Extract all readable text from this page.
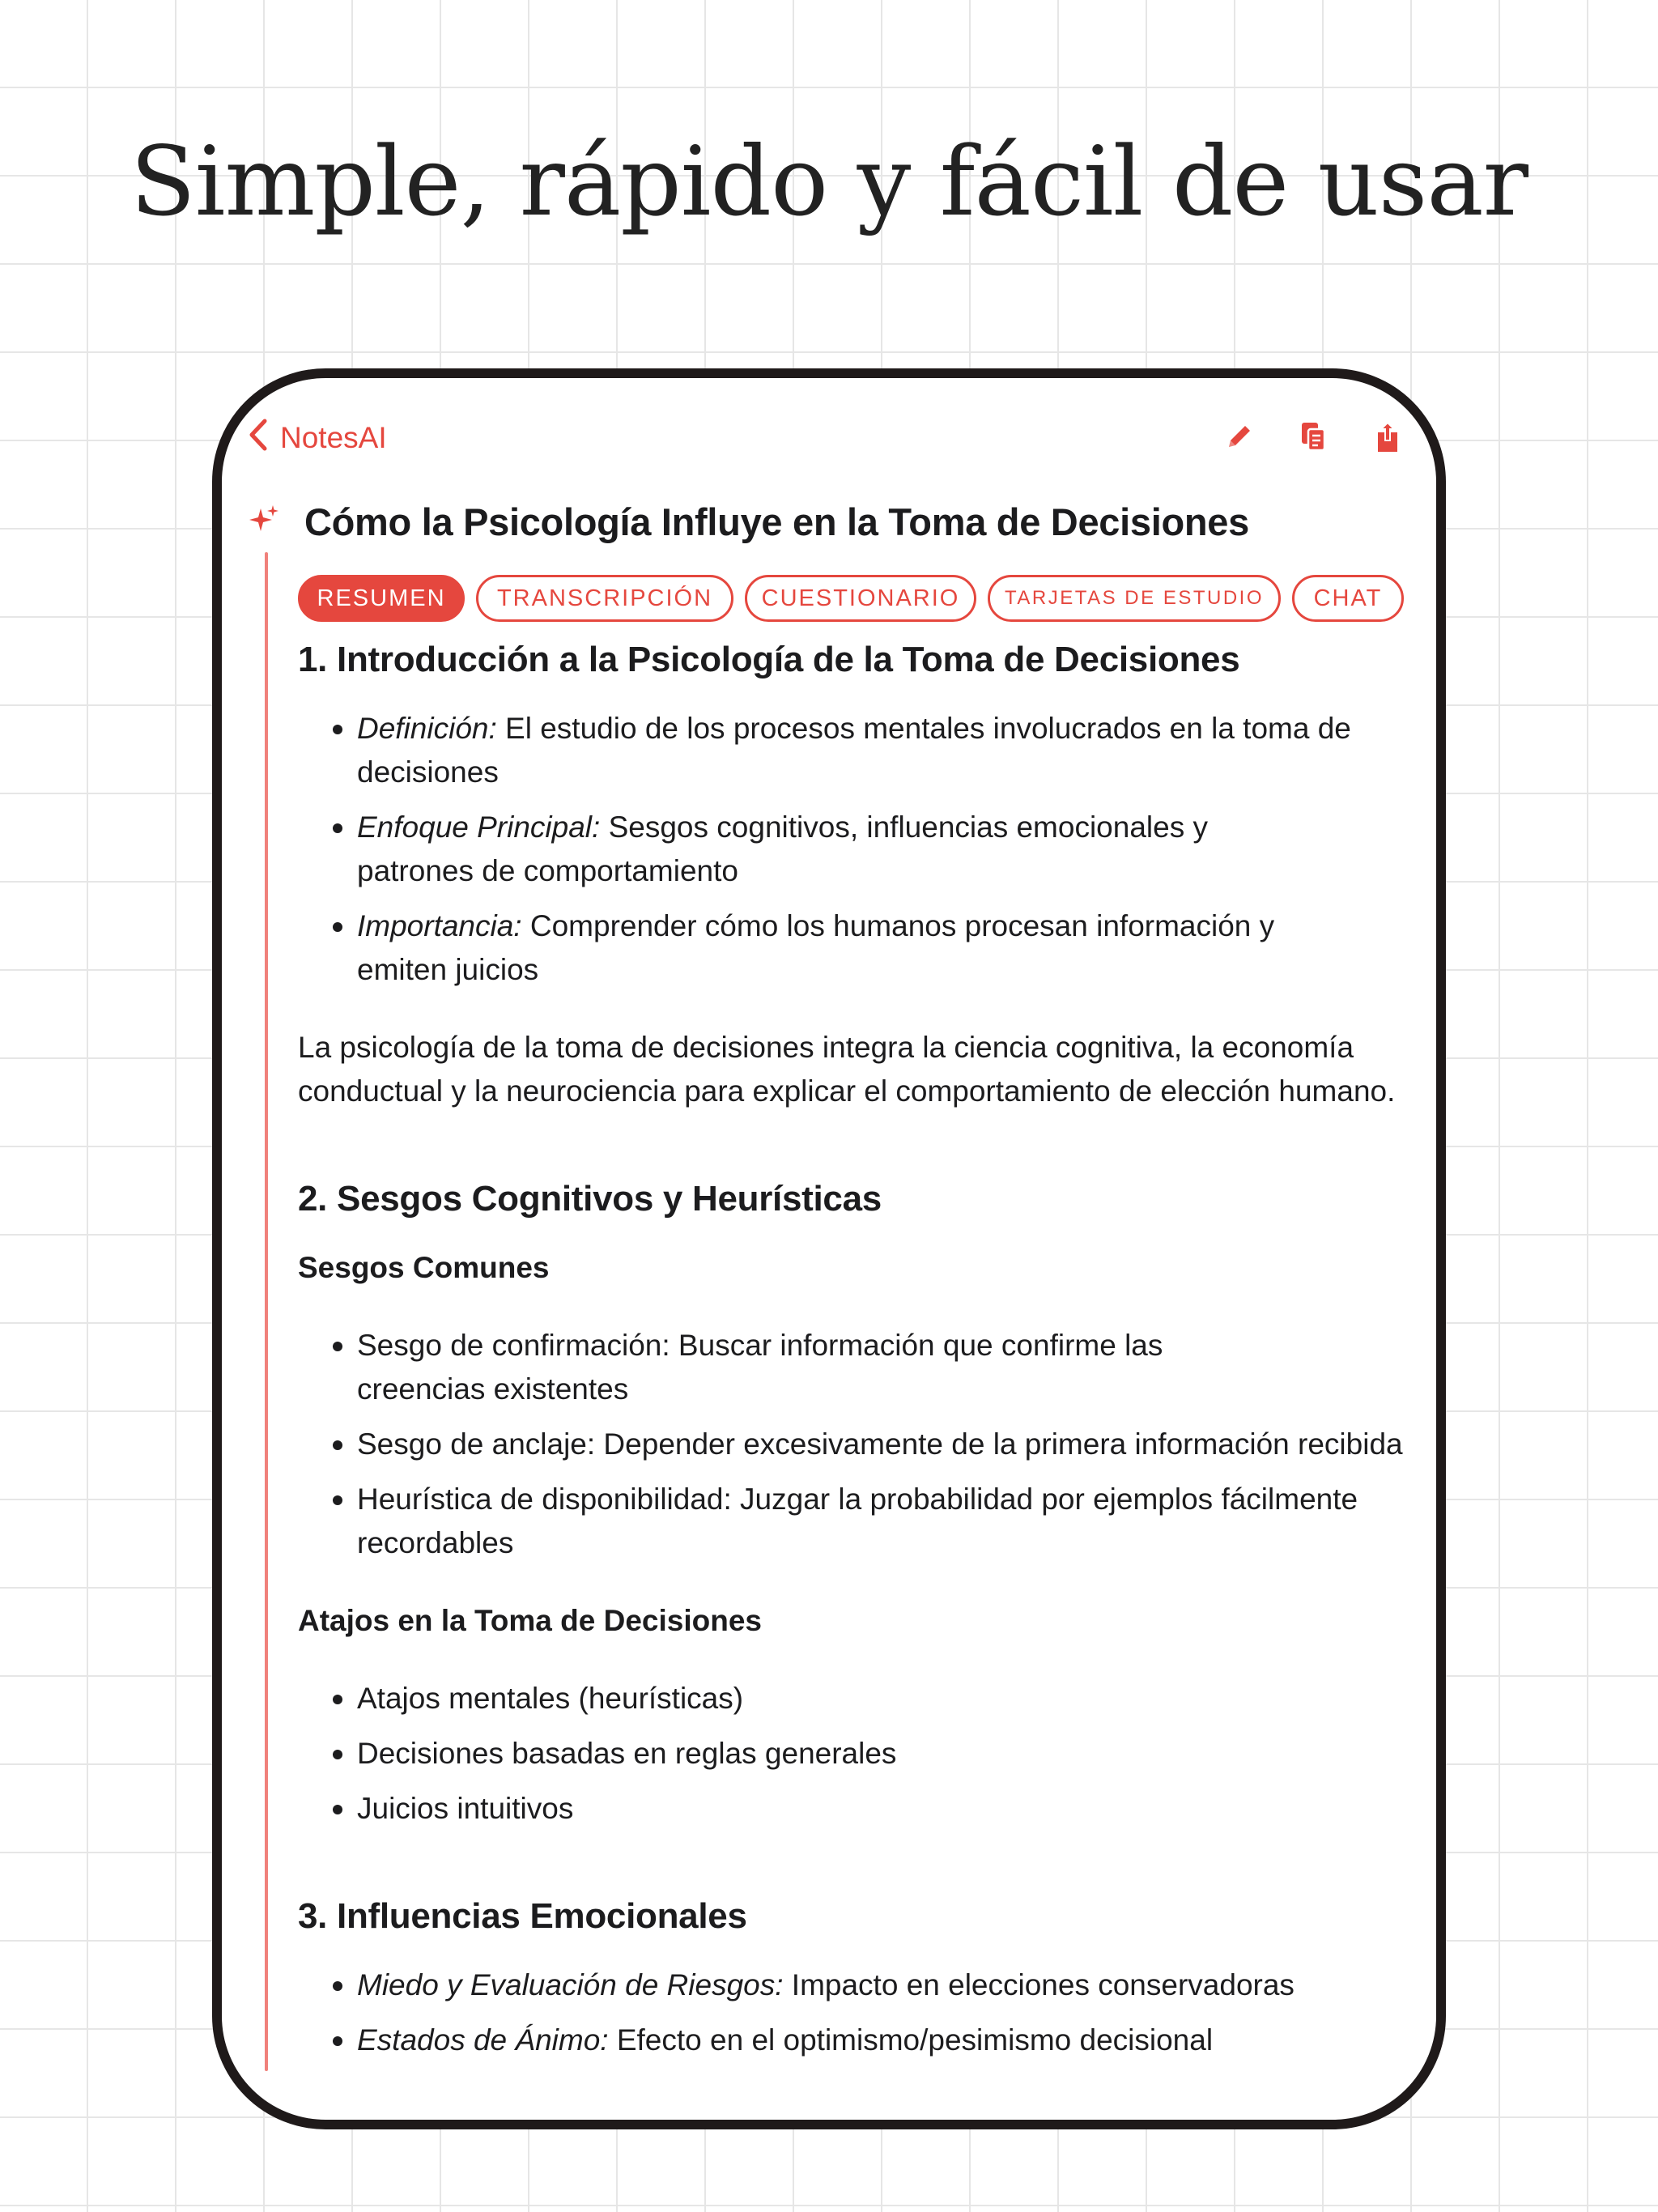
Simple, rápido y fácil de usar
NotesAI
Cómo la Psicología Influye en la Toma de Decisiones
RESUMEN	TRANSCRIPCIÓN	CUESTIONARIO	TARJETAS DE ESTUDIO	CHAT
1. Introducción a la Psicología de la Toma de Decisiones
Definición: El estudio de los procesos mentales involucrados en la toma de decisiones
Enfoque Principal: Sesgos cognitivos, influencias emocionales y patrones de comportamiento
Importancia: Comprender cómo los humanos procesan información y emiten juicios

La psicología de la toma de decisiones integra la ciencia cognitiva, la economía conductual y la neurociencia para explicar el comportamiento de elección humano.

2. Sesgos Cognitivos y Heurísticas
Sesgos Comunes
Sesgo de confirmación: Buscar información que confirme las creencias existentes
Sesgo de anclaje: Depender excesivamente de la primera información recibida
Heurística de disponibilidad: Juzgar la probabilidad por ejemplos fácilmente recordables
Atajos en la Toma de Decisiones
Atajos mentales (heurísticas)
Decisiones basadas en reglas generales
Juicios intuitivos
3. Influencias Emocionales
Miedo y Evaluación de Riesgos: Impacto en elecciones conservadoras
Estados de Ánimo: Efecto en el optimismo/pesimismo decisional
